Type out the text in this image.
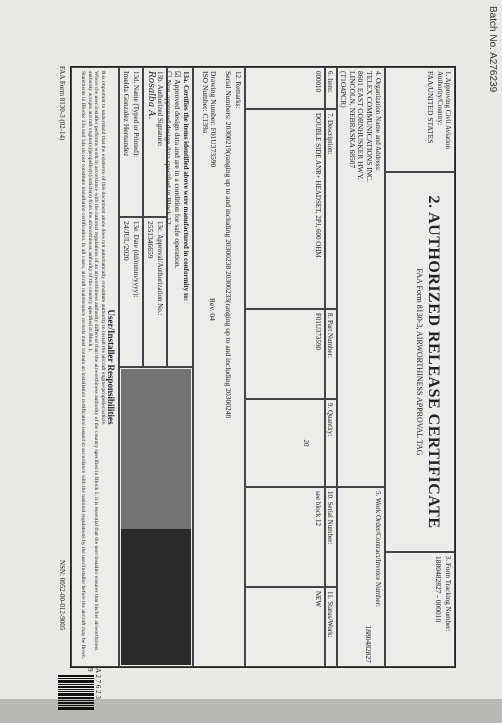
Batch No. A276239
1. Approving Civil Aviation Authority/Country:
FAA/UNITED STATES
2. AUTHORIZED RELEASE CERTIFICATE
FAA Form 8130-3, AIRWORTHINESS APPROVAL TAG
3. Form Tracking Number:
1880482827 - 000010
4. Organization Name and Address:
TELEX COMMUNICATIONS INC.
8601 EAST CORNHUSKER HWY.
LINCOLN, NEBRASKA 68507
(T1O4PCR)
5. Work Order/Contract/Invoice Number:
1880482827
6. Item:
7. Description:
8. Part Number:
9. Quantity:
10. Serial Number:
11. Status/Work:
000010
DOUBLE SIDE ANR+ HEADSET, 2PJ, 600 OHM
F01U373590
20
see block 12
NEW
12. Remarks:
Serial Numbers: 20300219(ranging up to and including 20300238 20300233(ranging up to and including 20300240
Rev. 04
Drawing Number: F01U373590
ISO Number: C139a
13a. Certifies the items identified above were manufactured in conformity to:
☑ Approved design data and are in a condition for safe operation.
☐ Non-approved design data specified in Block 12.
13b. Authorized Signature:
Rosalba A.
13c. Approval/Authorization No.:
2551346659
13d. Name (Typed or Printed):
Imelda Gonzalez Hernandez
13e. Date (dd/mmm/yyyy):
24/JUL/2020
User/Installer Responsibilities
It is important to understand that the existence of this document alone does not automatically constitute authority to install the aircraft engine/propeller/article.
Where the user/installer performs work in accordance with the national regulations of an airworthiness authority different than the airworthiness authority of the country specified in Block 1, it is essential that the user/installer ensures that his/her airworthiness authority accepts aircraft engine(s)/propeller(s)/article(s) from the airworthiness authority of the country specified in Block 1.
Statements in Blocks 13a and 14a do not constitute installation certification. In all cases, aircraft maintenance records must contain an installation certification issued in accordance with the national regulations by the user/installer before the aircraft may be flown.
FAA Form 8130-3 (02-14)
NSN: 0052-00-012-9005
A 2 7 6 2 3 9
